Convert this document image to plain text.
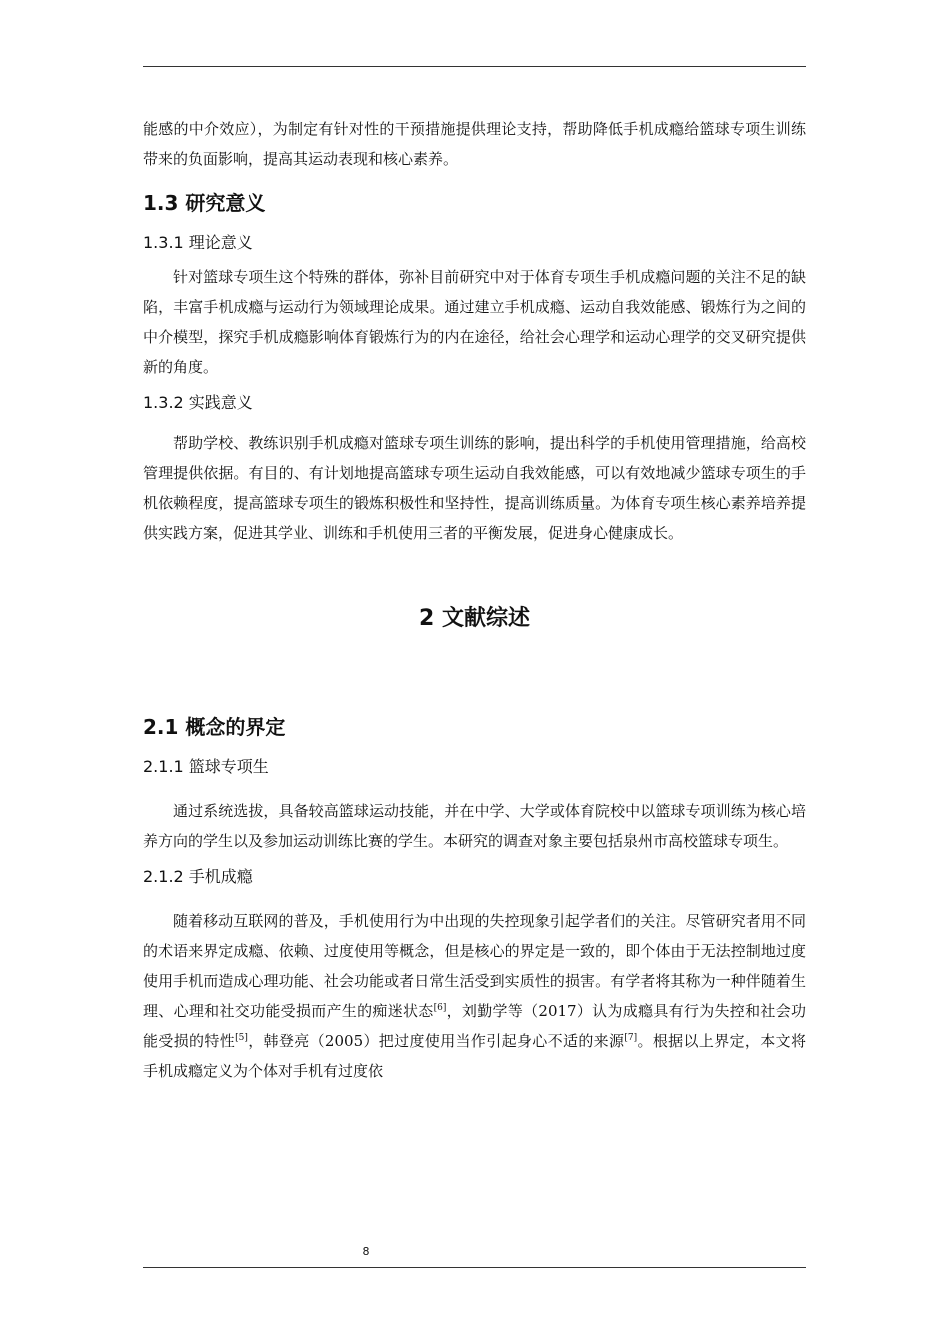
能感的中介效应），为制定有针对性的干预措施提供理论支持，帮助降低手机成瘾给篮球专项生训练带来的负面影响，提高其运动表现和核心素养。

1.3 研究意义
1.3.1 理论意义

针对篮球专项生这个特殊的群体，弥补目前研究中对于体育专项生手机成瘾问题的关注不足的缺陷，丰富手机成瘾与运动行为领域理论成果。通过建立手机成瘾、运动自我效能感、锻炼行为之间的中介模型，探究手机成瘾影响体育锻炼行为的内在途径，给社会心理学和运动心理学的交叉研究提供新的角度。

1.3.2 实践意义

帮助学校、教练识别手机成瘾对篮球专项生训练的影响，提出科学的手机使用管理措施，给高校管理提供依据。有目的、有计划地提高篮球专项生运动自我效能感，可以有效地减少篮球专项生的手机依赖程度，提高篮球专项生的锻炼积极性和坚持性，提高训练质量。为体育专项生核心素养培养提供实践方案，促进其学业、训练和手机使用三者的平衡发展，促进身心健康成长。

2 文献综述
2.1 概念的界定
2.1.1 篮球专项生

通过系统选拔，具备较高篮球运动技能，并在中学、大学或体育院校中以篮球专项训练为核心培养方向的学生以及参加运动训练比赛的学生。本研究的调查对象主要包括泉州市高校篮球专项生。

2.1.2 手机成瘾

随着移动互联网的普及，手机使用行为中出现的失控现象引起学者们的关注。尽管研究者用不同的术语来界定成瘾、依赖、过度使用等概念，但是核心的界定是一致的，即个体由于无法控制地过度使用手机而造成心理功能、社会功能或者日常生活受到实质性的损害。有学者将其称为一种伴随着生理、心理和社交功能受损而产生的痴迷状态[6]，刘勤学等（2017）认为成瘾具有行为失控和社会功能受损的特性[5]，韩登亮（2005）把过度使用当作引起身心不适的来源[7]。根据以上界定，本文将手机成瘾定义为个体对手机有过度依

8
